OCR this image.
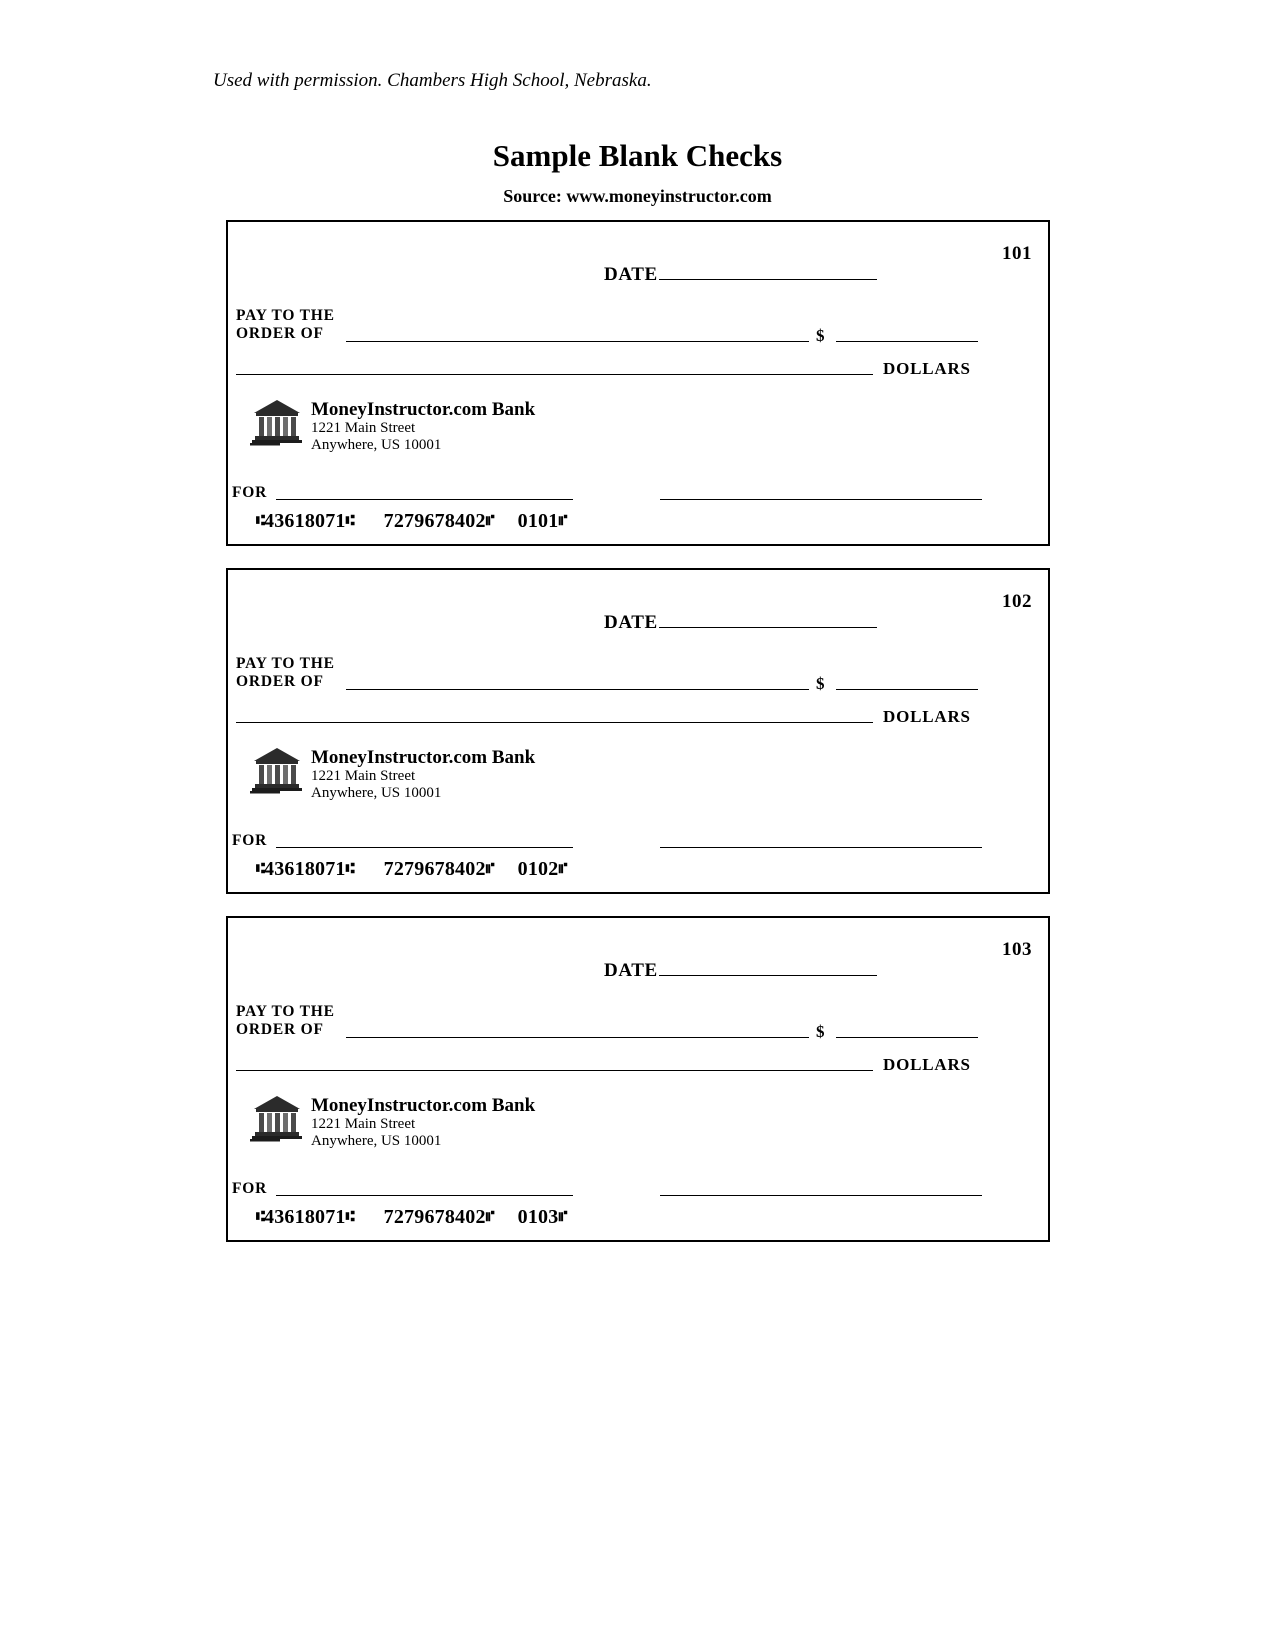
Used with permission. Chambers High School, Nebraska.
Sample Blank Checks
Source: www.moneyinstructor.com
101
DATE
PAY TO THE
ORDER OF	$
DOLLARS
MoneyInstructor.com Bank
1221 Main Street
Anywhere, US 10001
FOR
⑆43618071⑆ 7279678402⑈ 0101⑈
102
DATE
PAY TO THE
ORDER OF	$
DOLLARS
MoneyInstructor.com Bank
1221 Main Street
Anywhere, US 10001
FOR
⑆43618071⑆ 7279678402⑈ 0102⑈
103
DATE
PAY TO THE
ORDER OF	$
DOLLARS
MoneyInstructor.com Bank
1221 Main Street
Anywhere, US 10001
FOR
⑆43618071⑆ 7279678402⑈ 0103⑈
